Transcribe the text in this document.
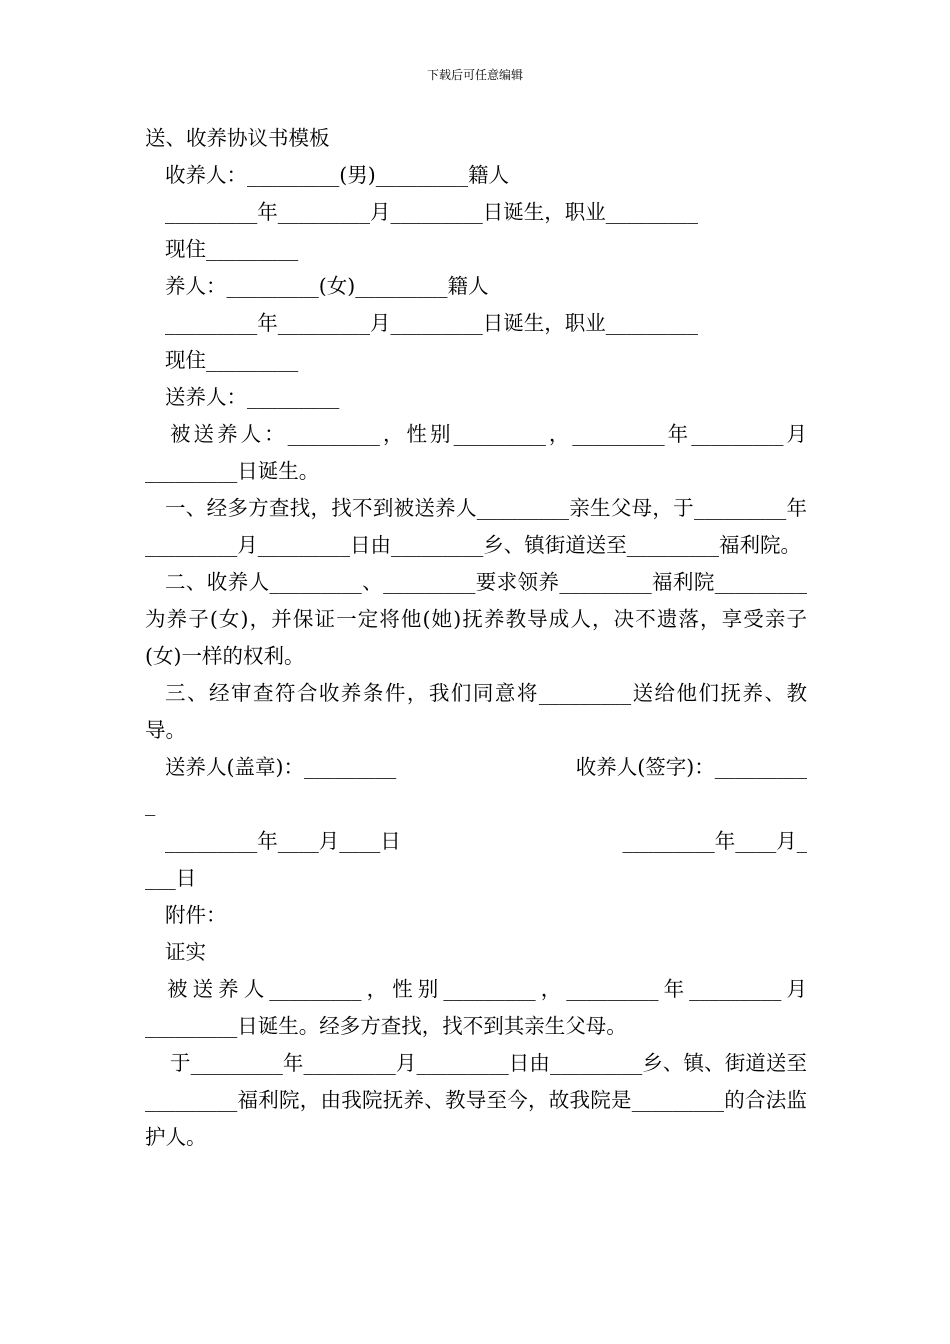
下载后可任意编辑
送、收养协议书模板
收养人：_________(男)_________籍人
_________年_________月_________日诞生，职业_________
现住_________
养人：_________(女)_________籍人
_________年_________月_________日诞生，职业_________
现住_________
送养人：_________
被送养人：_________，性别_________，_________年_________月_________日诞生。
一、经多方查找，找不到被送养人_________亲生父母，于_________年_________月_________日由_________乡、镇街道送至_________福利院。
二、收养人_________、_________要求领养_________福利院_________为养子(女)，并保证一定将他(她)抚养教导成人，决不遗落，享受亲子(女)一样的权利。
三、经审查符合收养条件，我们同意将_________送给他们抚养、教导。
送养人(盖章)：_________	收养人(签字)：_________
_
_________年____月____日	_________年____月_
___日
附件：
证实
被送养人_________，性别_________，_________年_________月_________日诞生。经多方查找，找不到其亲生父母。
于_________年_________月_________日由_________乡、镇、街道送至_________福利院，由我院抚养、教导至今，故我院是_________的合法监护人。
